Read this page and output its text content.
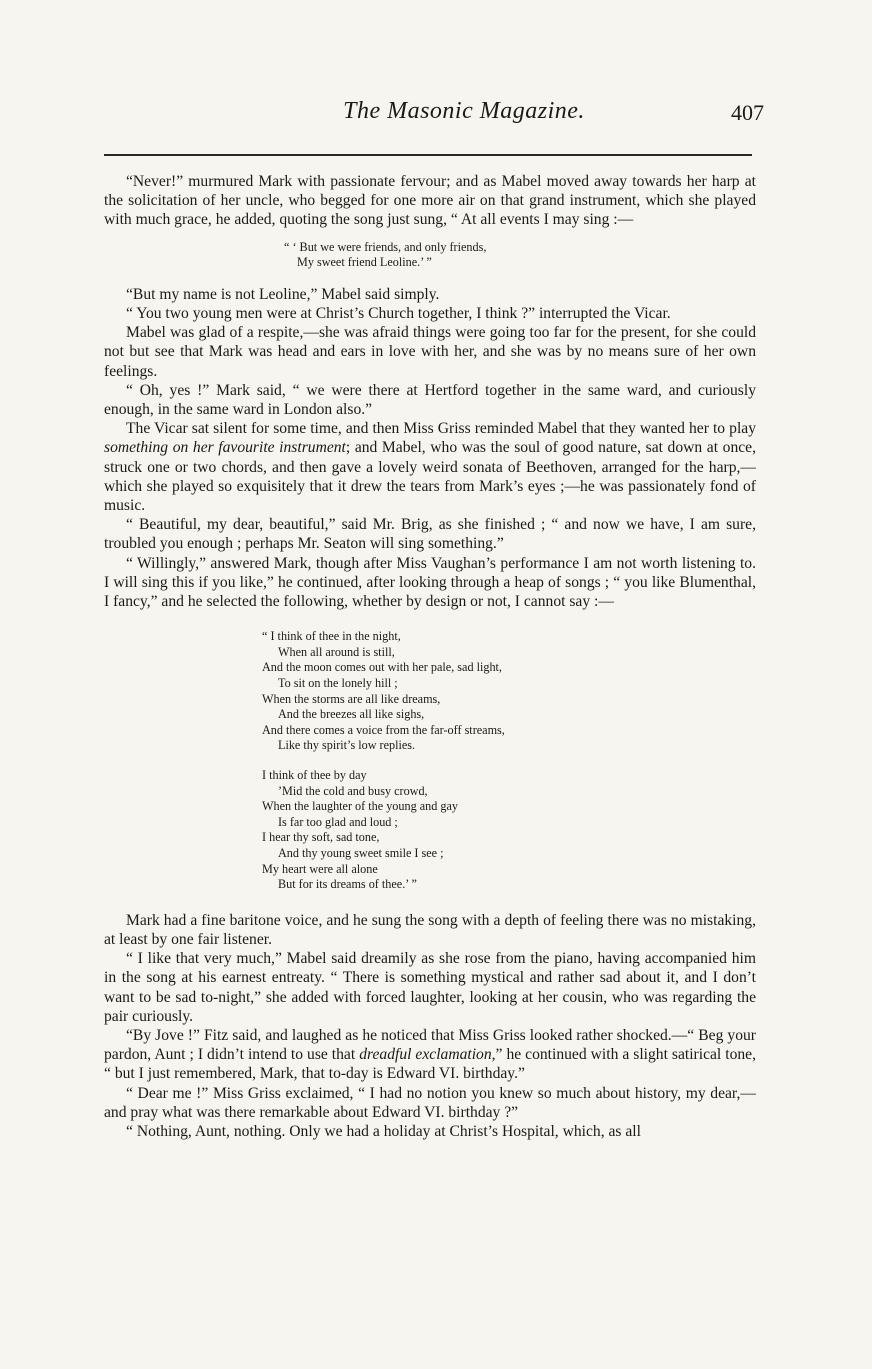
The Masonic Magazine.	407

“Never!” murmured Mark with passionate fervour; and as Mabel moved away towards her harp at the solicitation of her uncle, who begged for one more air on that grand instrument, which she played with much grace, he added, quoting the song just sung, “ At all events I may sing :—

“ ‘ But we were friends, and only friends,
My sweet friend Leoline.’ ”

“But my name is not Leoline,” Mabel said simply.

“ You two young men were at Christ’s Church together, I think ?” interrupted the Vicar.

Mabel was glad of a respite,—she was afraid things were going too far for the present, for she could not but see that Mark was head and ears in love with her, and she was by no means sure of her own feelings.

“ Oh, yes !” Mark said, “ we were there at Hertford together in the same ward, and curiously enough, in the same ward in London also.”

The Vicar sat silent for some time, and then Miss Griss reminded Mabel that they wanted her to play something on her favourite instrument; and Mabel, who was the soul of good nature, sat down at once, struck one or two chords, and then gave a lovely weird sonata of Beethoven, arranged for the harp,—which she played so exquisitely that it drew the tears from Mark’s eyes ;—he was passionately fond of music.

“ Beautiful, my dear, beautiful,” said Mr. Brig, as she finished ; “ and now we have, I am sure, troubled you enough ; perhaps Mr. Seaton will sing something.”

“ Willingly,” answered Mark, though after Miss Vaughan’s performance I am not worth listening to. I will sing this if you like,” he continued, after looking through a heap of songs ; “ you like Blumenthal, I fancy,” and he selected the following, whether by design or not, I cannot say :—

“ I think of thee in the night,
When all around is still,
And the moon comes out with her pale, sad light,
To sit on the lonely hill ;
When the storms are all like dreams,
And the breezes all like sighs,
And there comes a voice from the far-off streams,
Like thy spirit’s low replies.
I think of thee by day
’Mid the cold and busy crowd,
When the laughter of the young and gay
Is far too glad and loud ;
I hear thy soft, sad tone,
And thy young sweet smile I see ;
My heart were all alone
But for its dreams of thee.’ ”

Mark had a fine baritone voice, and he sung the song with a depth of feeling there was no mistaking, at least by one fair listener.

“ I like that very much,” Mabel said dreamily as she rose from the piano, having accompanied him in the song at his earnest entreaty. “ There is something mystical and rather sad about it, and I don’t want to be sad to-night,” she added with forced laughter, looking at her cousin, who was regarding the pair curiously.

“By Jove !” Fitz said, and laughed as he noticed that Miss Griss looked rather shocked.—“ Beg your pardon, Aunt ; I didn’t intend to use that dreadful exclamation,” he continued with a slight satirical tone, “ but I just remembered, Mark, that to-day is Edward VI. birthday.”

“ Dear me !” Miss Griss exclaimed, “ I had no notion you knew so much about history, my dear,—and pray what was there remarkable about Edward VI. birthday ?”

“ Nothing, Aunt, nothing. Only we had a holiday at Christ’s Hospital, which, as all
